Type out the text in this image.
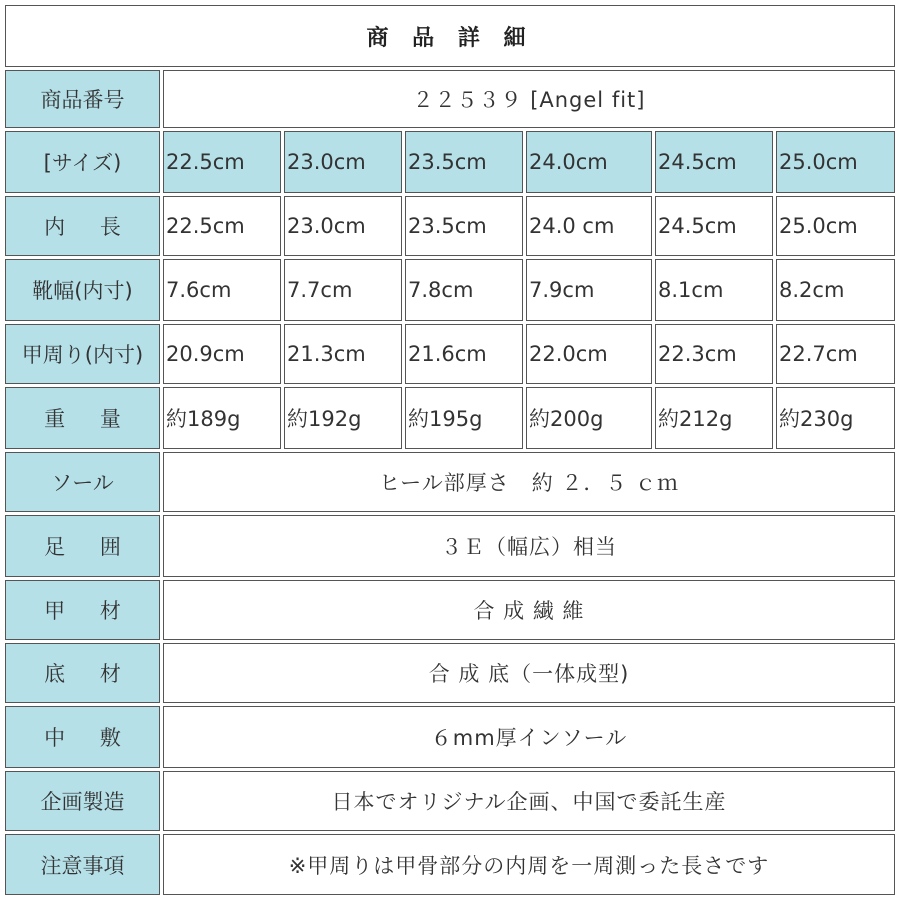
商 品 詳 細
商品番号	２２５３９ [Angel fit]
[サイズ)	22.5cm	23.0cm	23.5cm	24.0cm	24.5cm	25.0cm
内 長	22.5cm	23.0cm	23.5cm	24.0 cm	24.5cm	25.0cm
靴幅(内寸)	7.6cm	7.7cm	7.8cm	7.9cm	8.1cm	8.2cm
甲周り(内寸)	20.9cm	21.3cm	21.6cm	22.0cm	22.3cm	22.7cm
重 量	約189g	約192g	約195g	約200g	約212g	約230g
ソール	ヒール部厚さ　約 ２．５ ｃｍ
足 囲	３Ｅ（幅広）相当
甲 材	合 成 繊 維
底 材	合 成 底（一体成型)
中 敷	６mm厚インソール
企画製造	日本でオリジナル企画、中国で委託生産
注意事項	※甲周りは甲骨部分の内周を一周測った長さです
